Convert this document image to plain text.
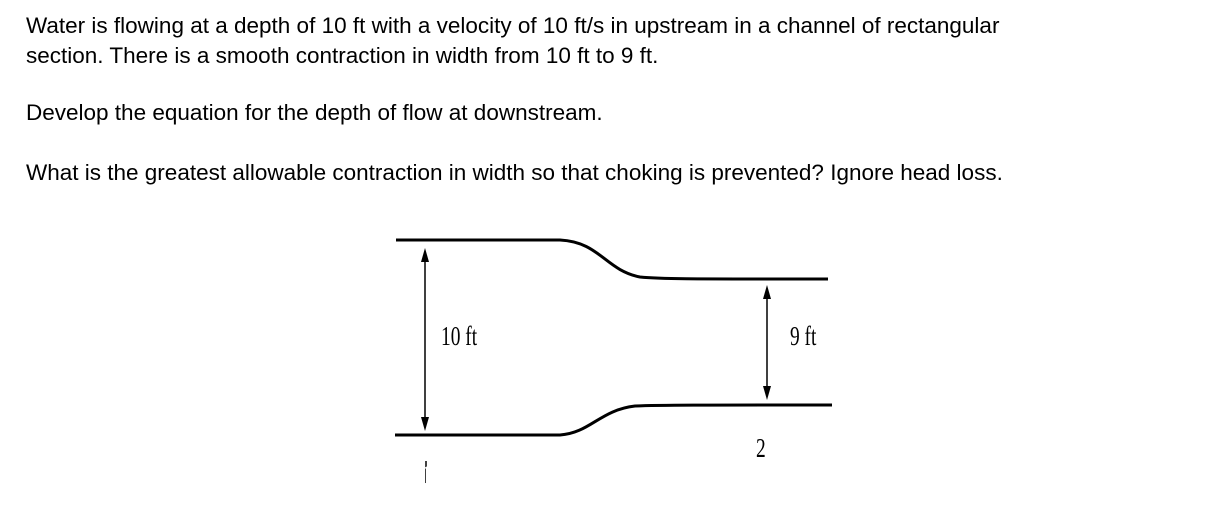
Water is flowing at a depth of 10 ft with a velocity of 10 ft/s in upstream in a channel of rectangular
section. There is a smooth contraction in width from 10 ft to 9 ft.
Develop the equation for the depth of flow at downstream.
What is the greatest allowable contraction in width so that choking is prevented? Ignore head loss.
10 ft	9 ft
2
1
